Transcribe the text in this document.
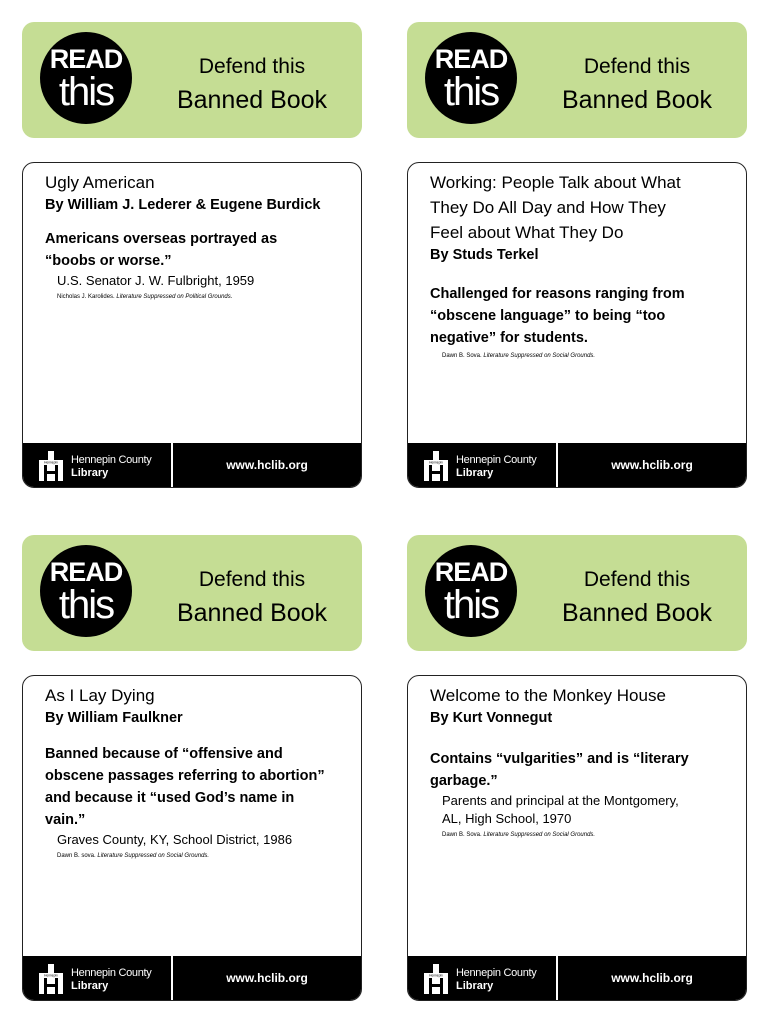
READ
this
Defend this
Banned Book
Ugly American
By William J. Lederer & Eugene Burdick
Americans overseas portrayed as
“boobs or worse.”
U.S. Senator J. W. Fulbright, 1959
Nicholas J. Karolides. Literature Suppressed on Political Grounds.
Hennepin Hennepin County
Library
www.hclib.org
READ
this
Defend this
Banned Book
Working: People Talk about What
They Do All Day and How They
Feel about What They Do
By Studs Terkel
Challenged for reasons ranging from
“obscene language” to being “too
negative” for students.
Dawn B. Sova. Literature Suppressed on Social Grounds.
Hennepin Hennepin County
Library
www.hclib.org
READ
this
Defend this
Banned Book
As I Lay Dying
By William Faulkner
Banned because of “offensive and
obscene passages referring to abortion”
and because it “used God’s name in
vain.”
Graves County, KY, School District, 1986
Dawn B. sova. Literature Suppressed on Social Grounds.
Hennepin Hennepin County
Library
www.hclib.org
READ
this
Defend this
Banned Book
Welcome to the Monkey House
By Kurt Vonnegut
Contains “vulgarities” and is “literary
garbage.”
Parents and principal at the Montgomery,
AL, High School, 1970
Dawn B. Sova. Literature Suppressed on Social Grounds.
Hennepin Hennepin County
Library
www.hclib.org
